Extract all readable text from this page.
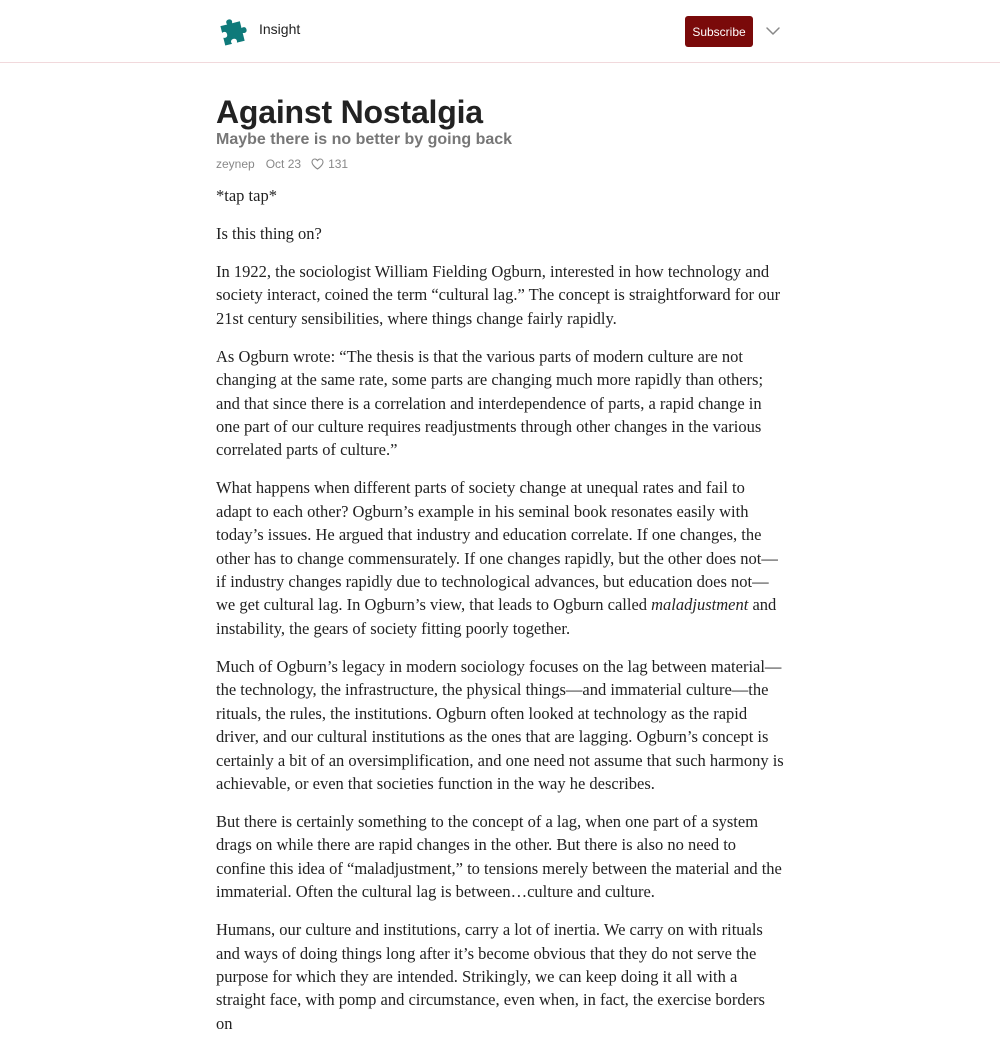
Insight	Subscribe
Against Nostalgia
Maybe there is no better by going back
zeynep Oct 23 131

*tap tap*

Is this thing on?

In 1922, the sociologist William Fielding Ogburn, interested in how technology and society interact, coined the term “cultural lag.” The concept is straightforward for our 21st century sensibilities, where things change fairly rapidly.

As Ogburn wrote: “The thesis is that the various parts of modern culture are not changing at the same rate, some parts are changing much more rapidly than others; and that since there is a correlation and interdependence of parts, a rapid change in one part of our culture requires readjustments through other changes in the various correlated parts of culture.”

What happens when different parts of society change at unequal rates and fail to adapt to each other? Ogburn’s example in his seminal book resonates easily with today’s issues. He argued that industry and education correlate. If one changes, the other has to change commensurately. If one changes rapidly, but the other does not—if industry changes rapidly due to technological advances, but education does not—we get cultural lag. In Ogburn’s view, that leads to Ogburn called maladjustment and instability, the gears of society fitting poorly together.

Much of Ogburn’s legacy in modern sociology focuses on the lag between material—the technology, the infrastructure, the physical things—and immaterial culture—the rituals, the rules, the institutions. Ogburn often looked at technology as the rapid driver, and our cultural institutions as the ones that are lagging. Ogburn’s concept is certainly a bit of an oversimplification, and one need not assume that such harmony is achievable, or even that societies function in the way he describes.

But there is certainly something to the concept of a lag, when one part of a system drags on while there are rapid changes in the other. But there is also no need to confine this idea of “maladjustment,” to tensions merely between the material and the immaterial. Often the cultural lag is between…culture and culture.

Humans, our culture and institutions, carry a lot of inertia. We carry on with rituals and ways of doing things long after it’s become obvious that they do not serve the purpose for which they are intended. Strikingly, we can keep doing it all with a straight face, with pomp and circumstance, even when, in fact, the exercise borders on
